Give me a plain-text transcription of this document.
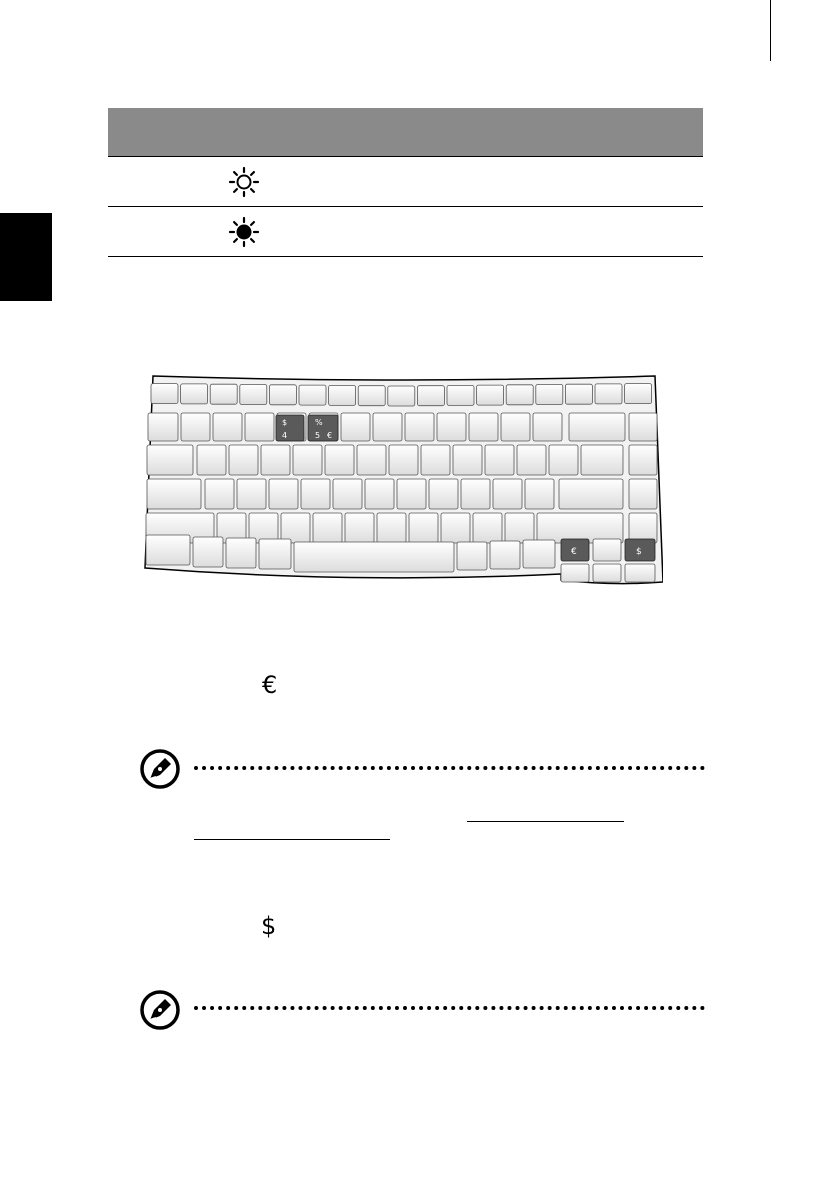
$
4
%
5 €
€	$
€
$
